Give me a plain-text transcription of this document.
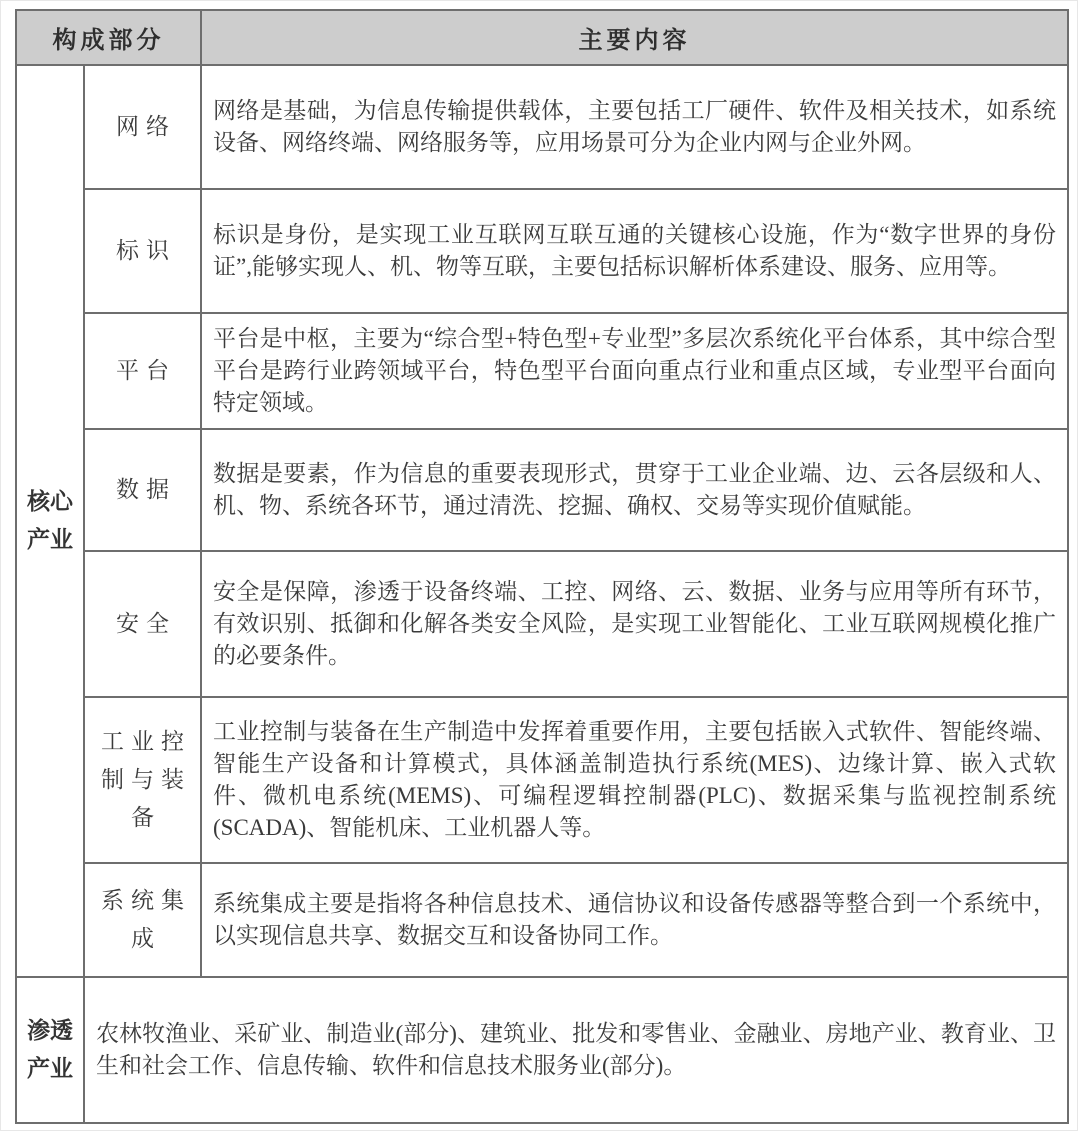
构成部分		主要内容
核心产业	网络	网络是基础，为信息传输提供载体，主要包括工厂硬件、软件及相关技术，如系统设备、网络终端、网络服务等，应用场景可分为企业内网与企业外网。
	标识	标识是身份，是实现工业互联网互联互通的关键核心设施，作为“数字世界的身份证”,能够实现人、机、物等互联，主要包括标识解析体系建设、服务、应用等。
	平台	平台是中枢，主要为“综合型+特色型+专业型”多层次系统化平台体系，其中综合型平台是跨行业跨领域平台，特色型平台面向重点行业和重点区域，专业型平台面向特定领域。
	数据	数据是要素，作为信息的重要表现形式，贯穿于工业企业端、边、云各层级和人、机、物、系统各环节，通过清洗、挖掘、确权、交易等实现价值赋能。
	安全	安全是保障，渗透于设备终端、工控、网络、云、数据、业务与应用等所有环节，有效识别、抵御和化解各类安全风险，是实现工业智能化、工业互联网规模化推广的必要条件。
	工业控制与装备	工业控制与装备在生产制造中发挥着重要作用，主要包括嵌入式软件、智能终端、智能生产设备和计算模式，具体涵盖制造执行系统(MES)、边缘计算、嵌入式软件、微机电系统(MEMS)、可编程逻辑控制器(PLC)、数据采集与监视控制系统(SCADA)、智能机床、工业机器人等。
	系统集成	系统集成主要是指将各种信息技术、通信协议和设备传感器等整合到一个系统中，以实现信息共享、数据交互和设备协同工作。
渗透产业	农林牧渔业、采矿业、制造业(部分)、建筑业、批发和零售业、金融业、房地产业、教育业、卫生和社会工作、信息传输、软件和信息技术服务业(部分)。	
